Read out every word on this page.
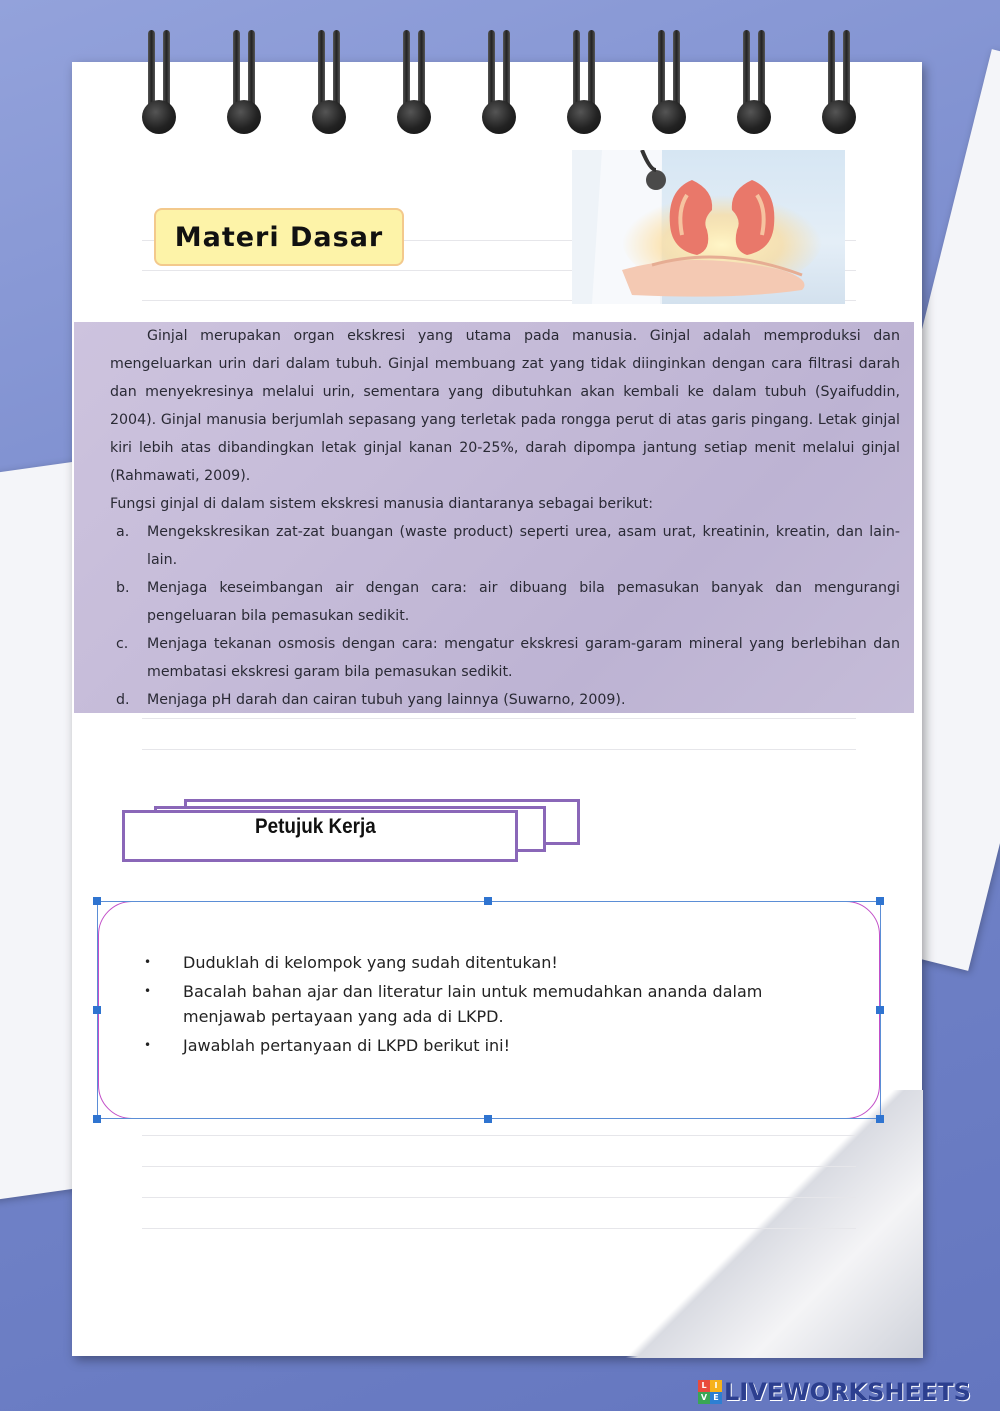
Materi Dasar

Ginjal merupakan organ ekskresi yang utama pada manusia. Ginjal adalah memproduksi dan mengeluarkan urin dari dalam tubuh. Ginjal membuang zat yang tidak diinginkan dengan cara filtrasi darah dan menyekresinya melalui urin, sementara yang dibutuhkan akan kembali ke dalam tubuh (Syaifuddin, 2004). Ginjal manusia berjumlah sepasang yang terletak pada rongga perut di atas garis pingang. Letak ginjal kiri lebih atas dibandingkan letak ginjal kanan 20-25%, darah dipompa jantung setiap menit melalui ginjal (Rahmawati, 2009).

Fungsi ginjal di dalam sistem ekskresi manusia diantaranya sebagai berikut:

a. Mengekskresikan zat-zat buangan (waste product) seperti urea, asam urat, kreatinin, kreatin, dan lain-lain.
b. Menjaga keseimbangan air dengan cara: air dibuang bila pemasukan banyak dan mengurangi pengeluaran bila pemasukan sedikit.
c. Menjaga tekanan osmosis dengan cara: mengatur ekskresi garam-garam mineral yang berlebihan dan membatasi ekskresi garam bila pemasukan sedikit.
d. Menjaga pH darah dan cairan tubuh yang lainnya (Suwarno, 2009).
Petujuk Kerja
• Duduklah di kelompok yang sudah ditentukan!
• Bacalah bahan ajar dan literatur lain untuk memudahkan ananda dalam menjawab pertayaan yang ada di LKPD.
• Jawablah pertanyaan di LKPD berikut ini!
L I
V E LIVEWORKSHEETS
